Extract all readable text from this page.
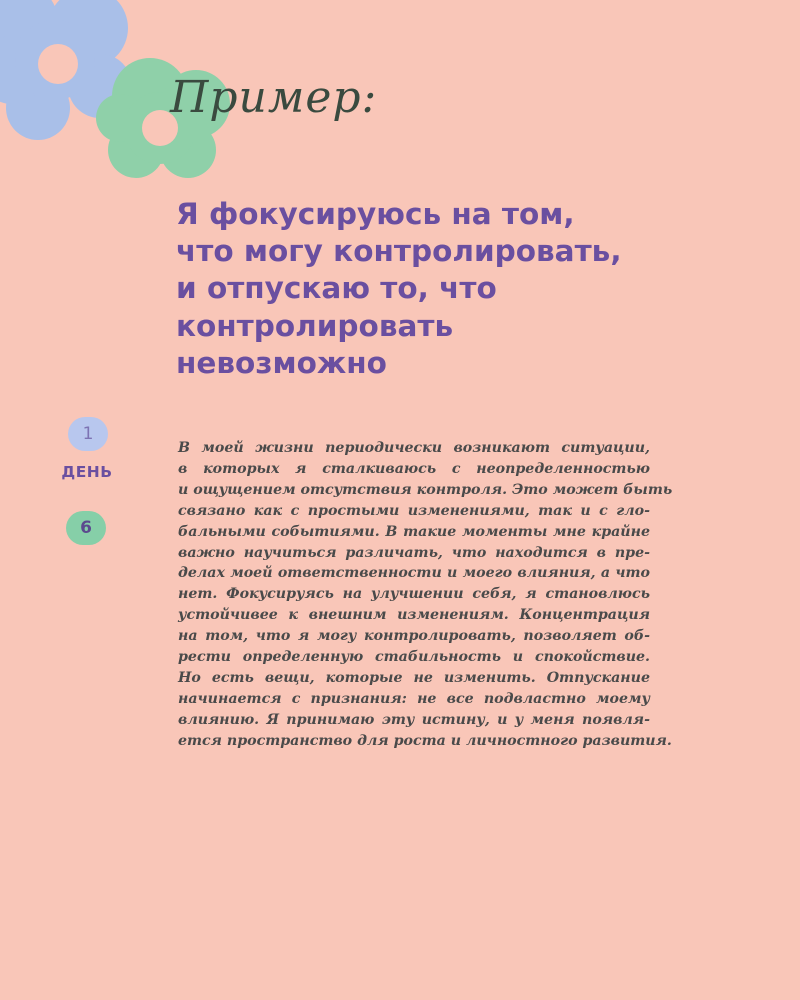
Пример:
Я фокусируюсь на том,
что могу контролировать,
и отпускаю то, что
контролировать
невозможно
1
ДЕНЬ
6
В моей жизни периодически возникают ситуации,
в которых я сталкиваюсь с неопределенностью
и ощущением отсутствия контроля. Это может быть
связано как с простыми изменениями, так и с гло-
бальными событиями. В такие моменты мне крайне
важно научиться различать, что находится в пре-
делах моей ответственности и моего влияния, а что
нет. Фокусируясь на улучшении себя, я становлюсь
устойчивее к внешним изменениям. Концентрация
на том, что я могу контролировать, позволяет об-
рести определенную стабильность и спокойствие.
Но есть вещи, которые не изменить. Отпускание
начинается с признания: не все подвластно моему
влиянию. Я принимаю эту истину, и у меня появля-
ется пространство для роста и личностного развития.
